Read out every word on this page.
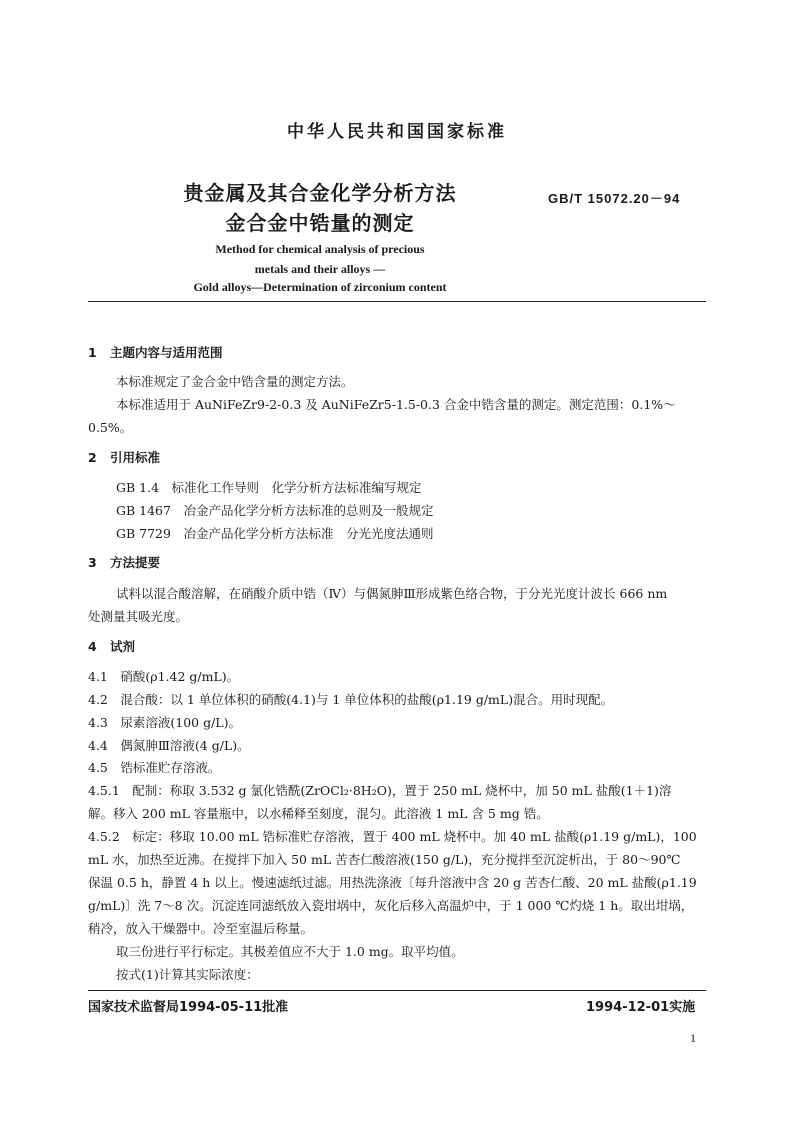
中华人民共和国国家标准
贵金属及其合金化学分析方法
金合金中锆量的测定
GB/T 15072.20－94
Method for chemical analysis of precious
metals and their alloys —
Gold alloys—Determination of zirconium content
1 主题内容与适用范围
本标准规定了金合金中锆含量的测定方法。
本标准适用于 AuNiFeZr9-2-0.3 及 AuNiFeZr5-1.5-0.3 合金中锆含量的测定。测定范围：0.1%～
0.5%。
2 引用标准
GB 1.4　标准化工作导则　化学分析方法标准编写规定
GB 1467　冶金产品化学分析方法标准的总则及一般规定
GB 7729　冶金产品化学分析方法标准　分光光度法通则
3 方法提要
试料以混合酸溶解，在硝酸介质中锆（Ⅳ）与偶氮胂Ⅲ形成紫色络合物，于分光光度计波长 666 nm
处测量其吸光度。
4 试剂
4.1　硝酸(ρ1.42 g/mL)。
4.2　混合酸：以 1 单位体积的硝酸(4.1)与 1 单位体积的盐酸(ρ1.19 g/mL)混合。用时现配。
4.3　尿素溶液(100 g/L)。
4.4　偶氮胂Ⅲ溶液(4 g/L)。
4.5　锆标准贮存溶液。
4.5.1　配制：称取 3.532 g 氯化锆酰(ZrOCl₂·8H₂O)，置于 250 mL 烧杯中，加 50 mL 盐酸(1＋1)溶
解。移入 200 mL 容量瓶中，以水稀释至刻度，混匀。此溶液 1 mL 含 5 mg 锆。
4.5.2　标定：移取 10.00 mL 锆标准贮存溶液，置于 400 mL 烧杯中。加 40 mL 盐酸(ρ1.19 g/mL)，100
mL 水，加热至近沸。在搅拌下加入 50 mL 苦杏仁酸溶液(150 g/L)，充分搅拌至沉淀析出，于 80～90℃
保温 0.5 h，静置 4 h 以上。慢速滤纸过滤。用热洗涤液〔每升溶液中含 20 g 苦杏仁酸、20 mL 盐酸(ρ1.19
g/mL)〕洗 7～8 次。沉淀连同滤纸放入瓷坩埚中，灰化后移入高温炉中，于 1 000 ℃灼烧 1 h。取出坩埚，
稍冷，放入干燥器中。冷至室温后称量。
取三份进行平行标定。其极差值应不大于 1.0 mg。取平均值。
按式(1)计算其实际浓度：
国家技术监督局1994-05-11批准	1994-12-01实施
1
